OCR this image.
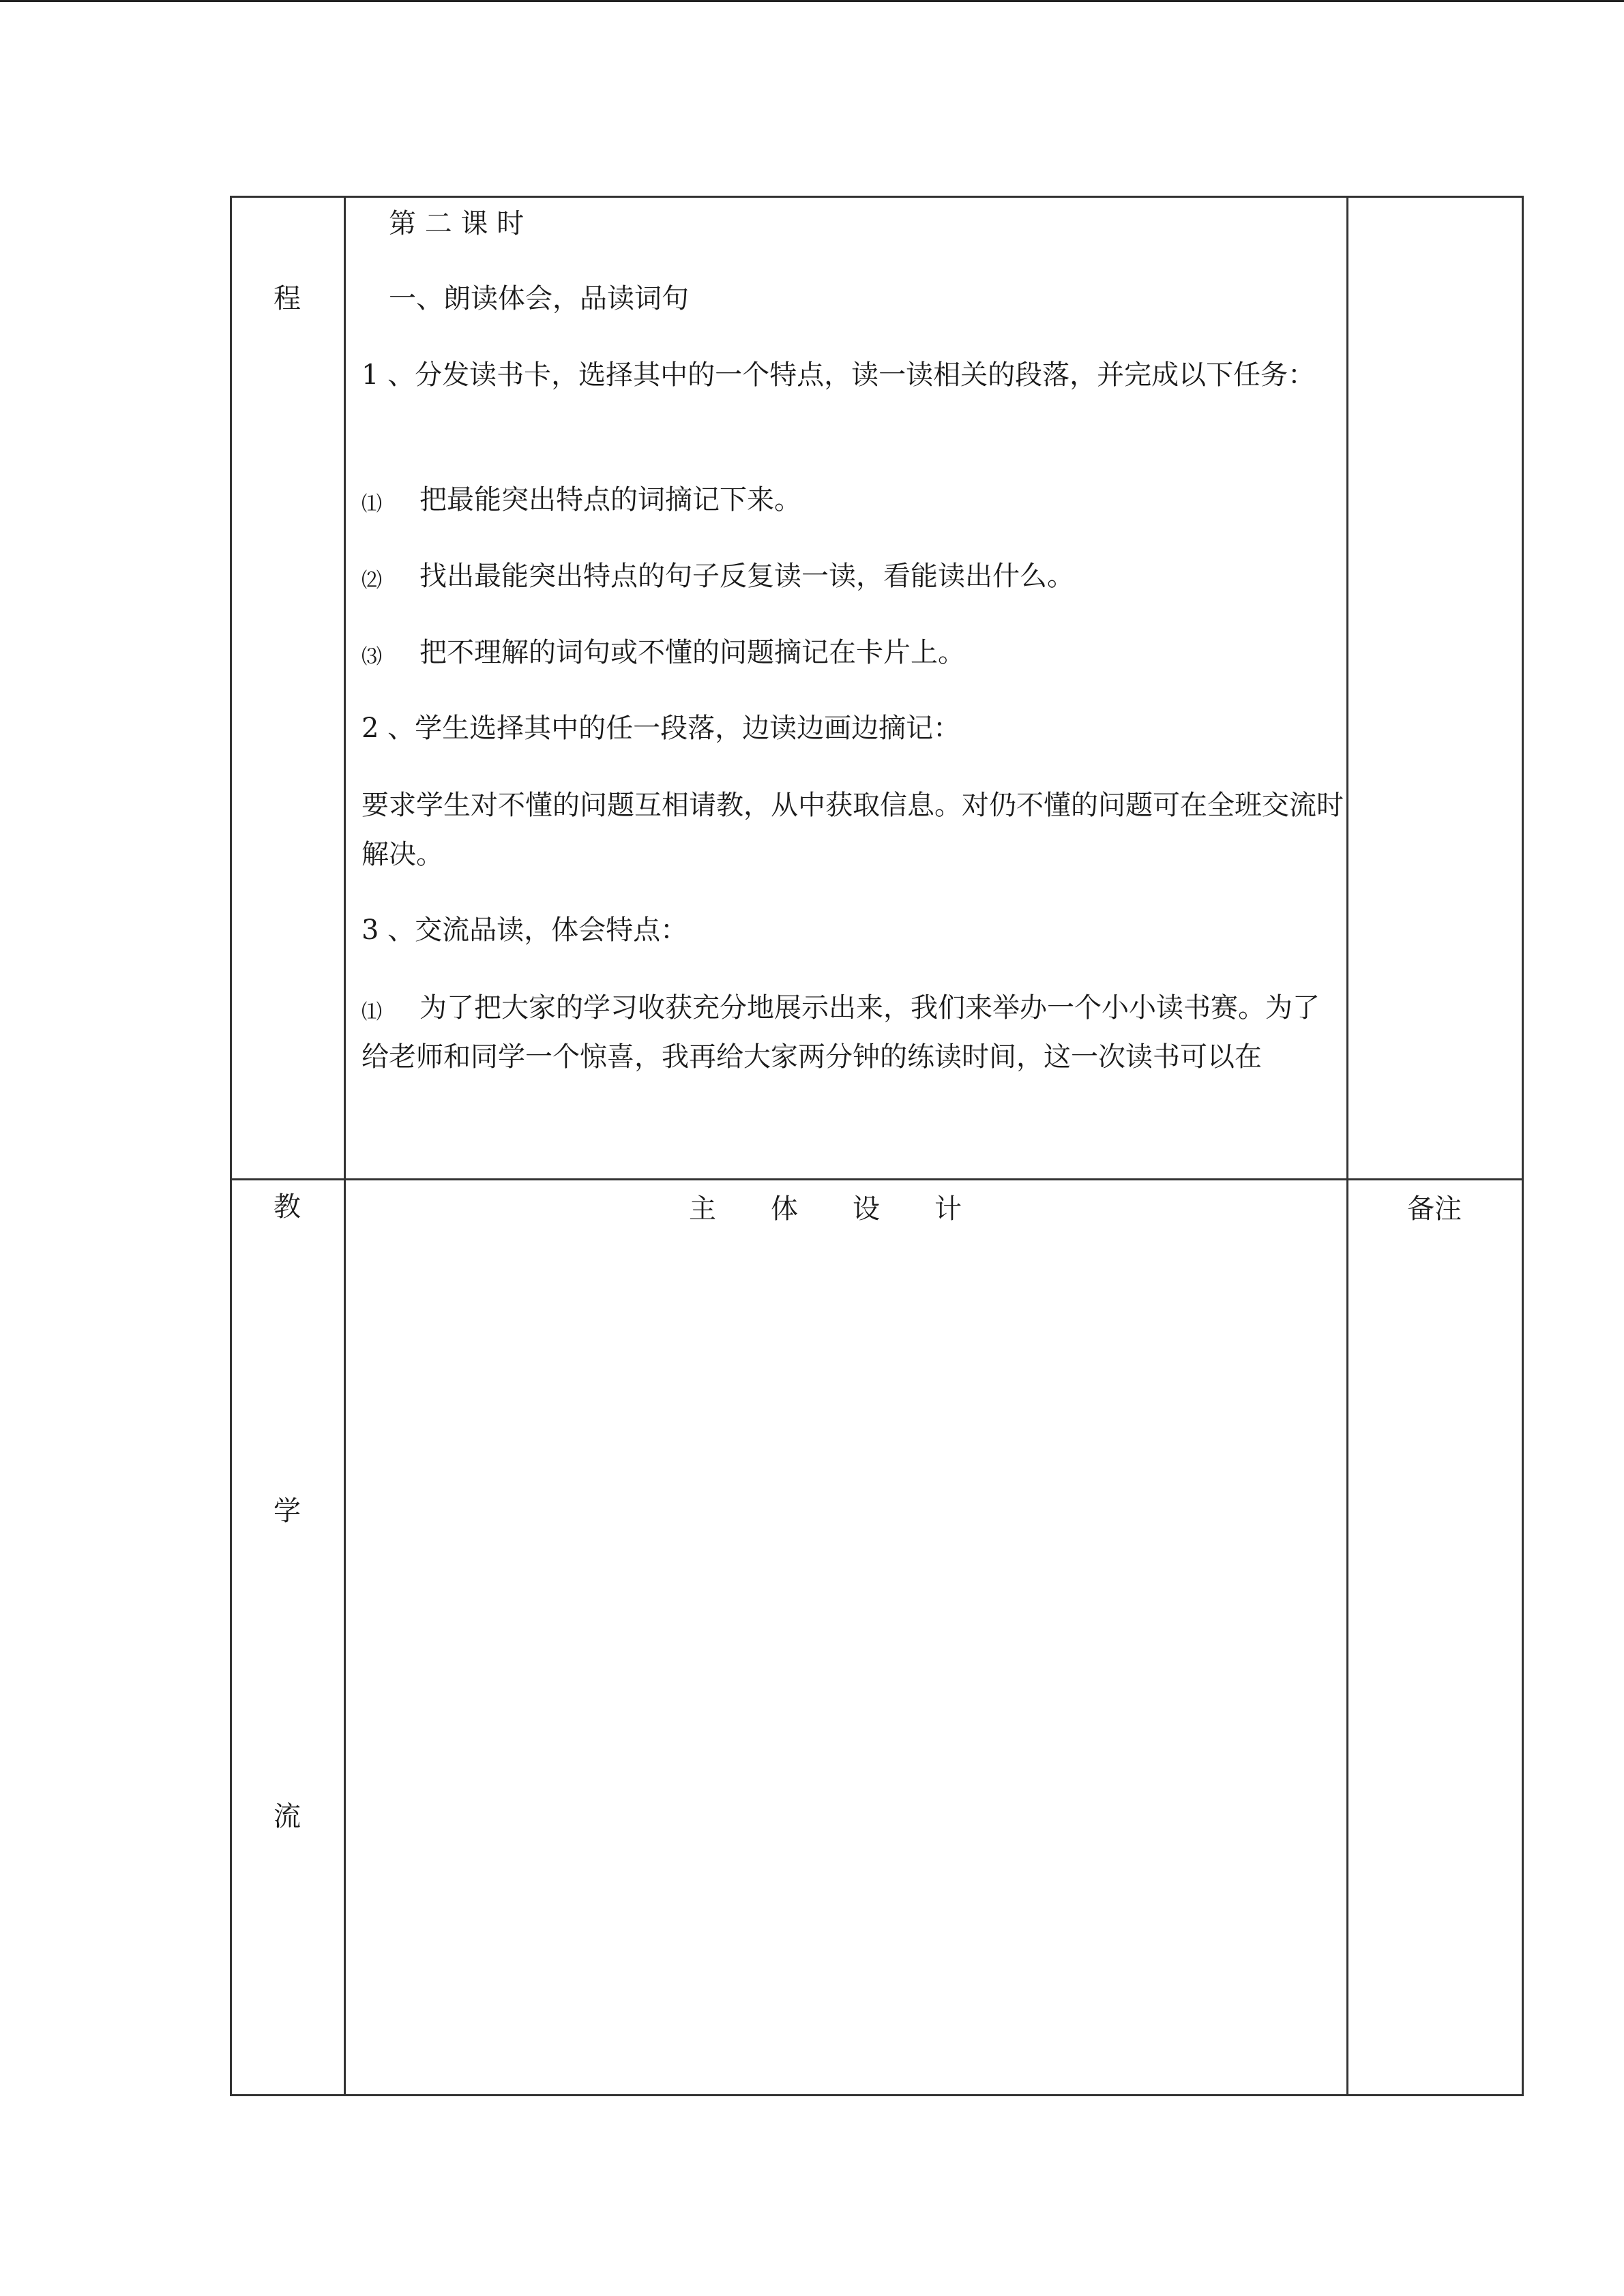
程
教
学
流
第 二 课 时
一、朗读体会，品读词句
1 、分发读书卡，选择其中的一个特点，读一读相关的段落，并完成以下任务：
⑴ 把最能突出特点的词摘记下来。
⑵ 找出最能突出特点的句子反复读一读，看能读出什么。
⑶ 把不理解的词句或不懂的问题摘记在卡片上。
2 、学生选择其中的任一段落，边读边画边摘记：
要求学生对不懂的问题互相请教，从中获取信息。对仍不懂的问题可在全班交流时解决。
3 、交流品读，体会特点：
⑴	为了把大家的学习收获充分地展示出来，我们来举办一个小小读书赛。为了给老师和同学一个惊喜，我再给大家两分钟的练读时间，这一次读书可以在
主　　体　　设　　计	备注
